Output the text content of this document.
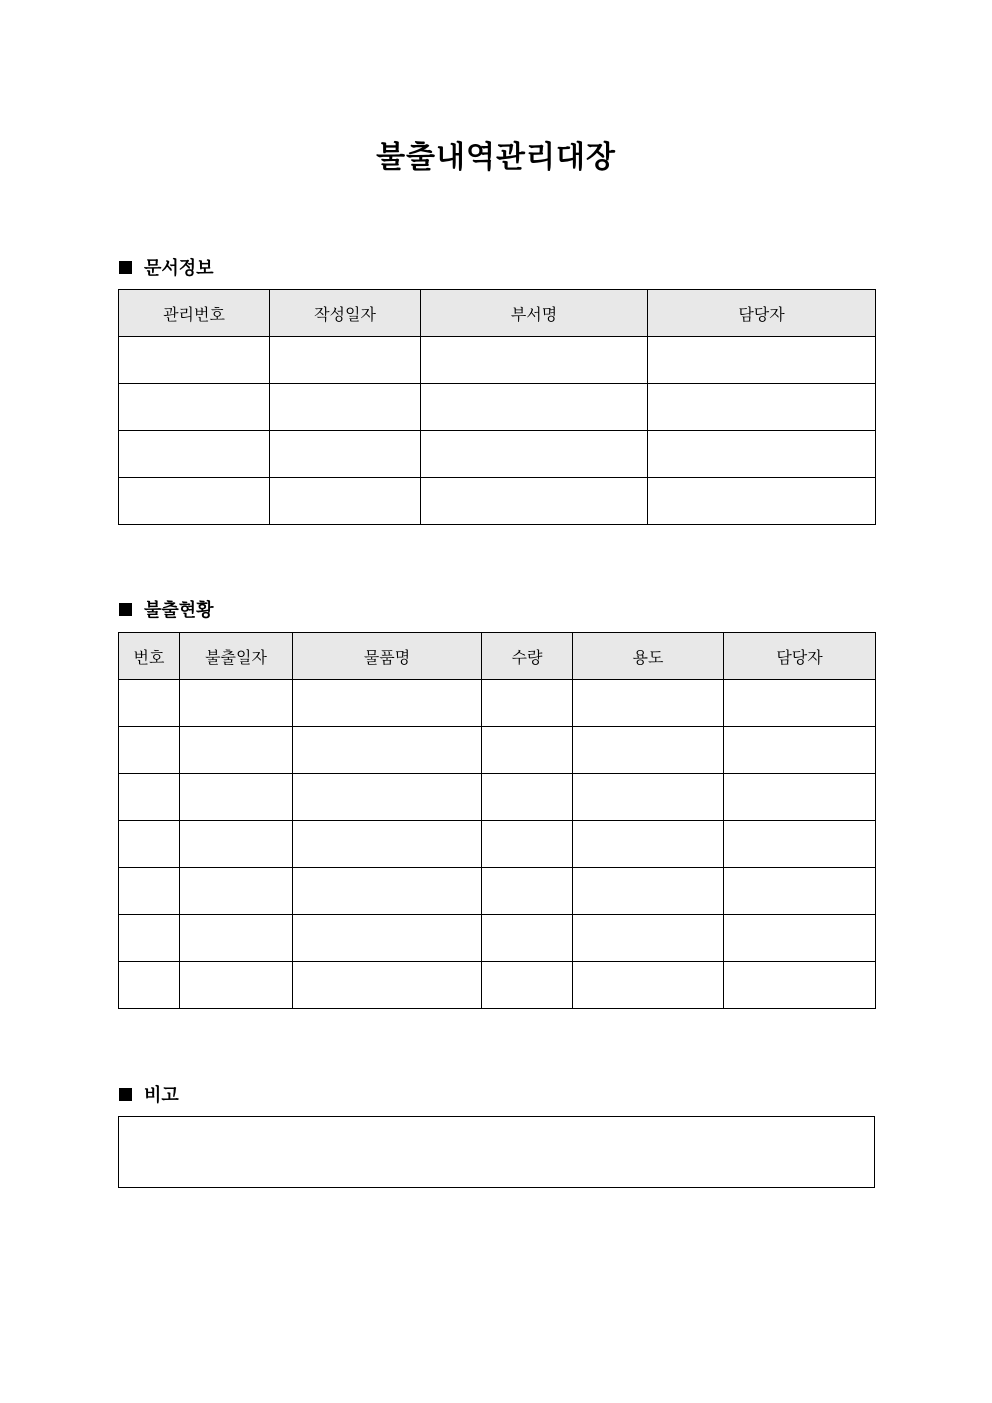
불출내역관리대장
문서정보
관리번호	작성일자	부서명	담당자

불출현황
번호	불출일자	물품명	수량	용도	담당자

비고
